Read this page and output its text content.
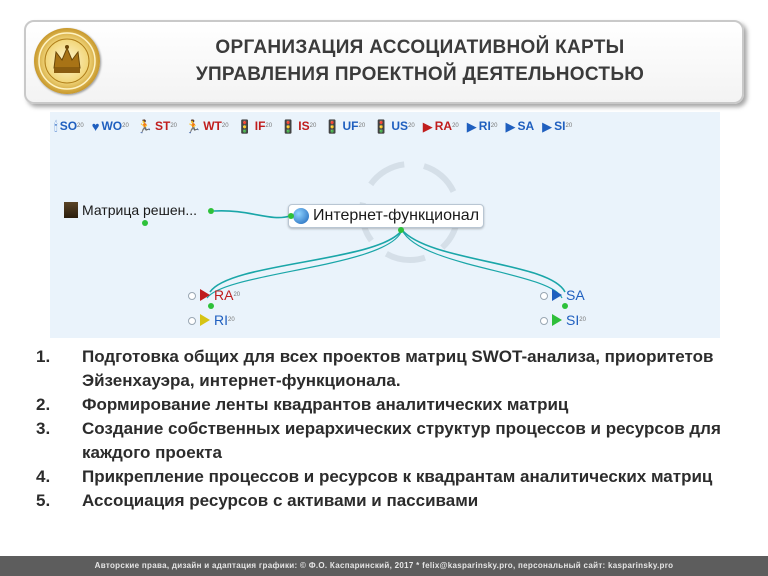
ОРГАНИЗАЦИЯ АССОЦИАТИВНОЙ КАРТЫ
УПРАВЛЕНИЯ ПРОЕКТНОЙ ДЕЯТЕЛЬНОСТЬЮ
🕯 SO 20 ♥ WO 20 🏃 ST 20 🏃 WT 20 🚦 IF 20 🚦 IS 20 🚦 UF 20 🚦 US 20 ▶ RA 20 ▶ RI 20 ▶ SA ▶ SI 20
Матрица решен...	Интернет-функционал
RA 20
RI 20
SA
SI 20
1.	Подготовка общих для всех проектов матриц SWOT-анализа, приоритетов Эйзенхауэра, интернет-функционала.
2.	Формирование ленты квадрантов аналитических матриц
3.	Создание собственных иерархических структур процессов и ресурсов для каждого проекта
4.	Прикрепление процессов и ресурсов к квадрантам аналитических матриц
5.	Ассоциация ресурсов с активами и пассивами
Авторские права, дизайн и адаптация графики: © Ф.О. Каспаринский, 2017 * felix@kasparinsky.pro, персональный сайт: kasparinsky.pro
